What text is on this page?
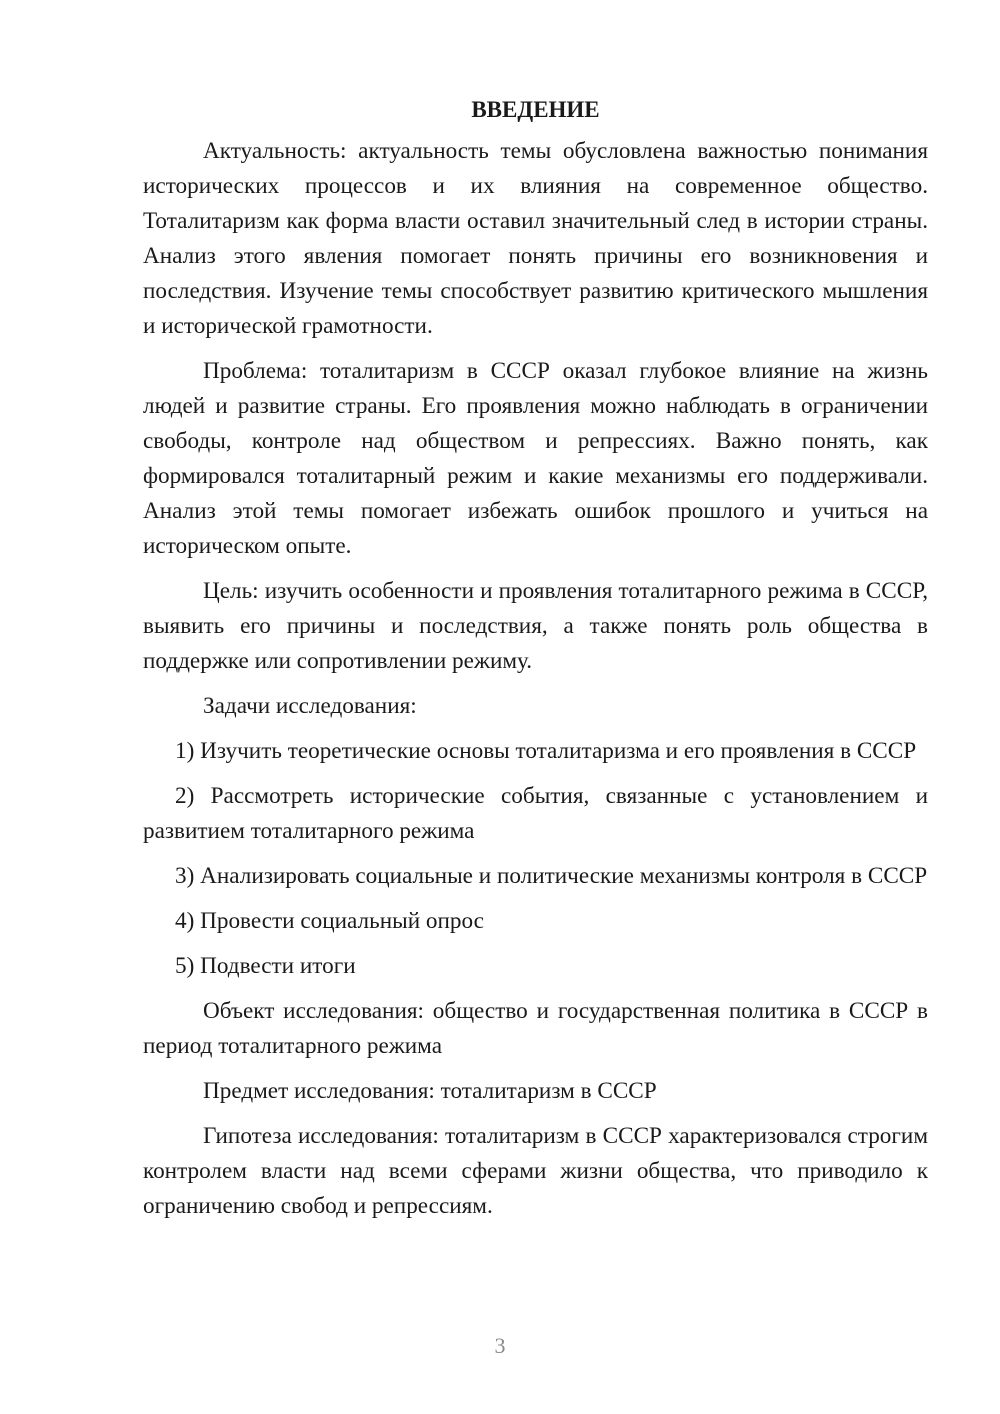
ВВЕДЕНИЕ

Актуальность: актуальность темы обусловлена важностью понимания исторических процессов и их влияния на современное общество. Тоталитаризм как форма власти оставил значительный след в истории страны. Анализ этого явления помогает понять причины его возникновения и последствия. Изучение темы способствует развитию критического мышления и исторической грамотности.

Проблема: тоталитаризм в СССР оказал глубокое влияние на жизнь людей и развитие страны. Его проявления можно наблюдать в ограничении свободы, контроле над обществом и репрессиях. Важно понять, как формировался тоталитарный режим и какие механизмы его поддерживали. Анализ этой темы помогает избежать ошибок прошлого и учиться на историческом опыте.

Цель: изучить особенности и проявления тоталитарного режима в СССР, выявить его причины и последствия, а также понять роль общества в поддержке или сопротивлении режиму.

Задачи исследования:

1) Изучить теоретические основы тоталитаризма и его проявления в СССР

2) Рассмотреть исторические события, связанные с установлением и развитием тоталитарного режима

3) Анализировать социальные и политические механизмы контроля в СССР

4) Провести социальный опрос

5) Подвести итоги

Объект исследования: общество и государственная политика в СССР в период тоталитарного режима

Предмет исследования: тоталитаризм в СССР

Гипотеза исследования: тоталитаризм в СССР характеризовался строгим контролем власти над всеми сферами жизни общества, что приводило к ограничению свобод и репрессиям.

3
